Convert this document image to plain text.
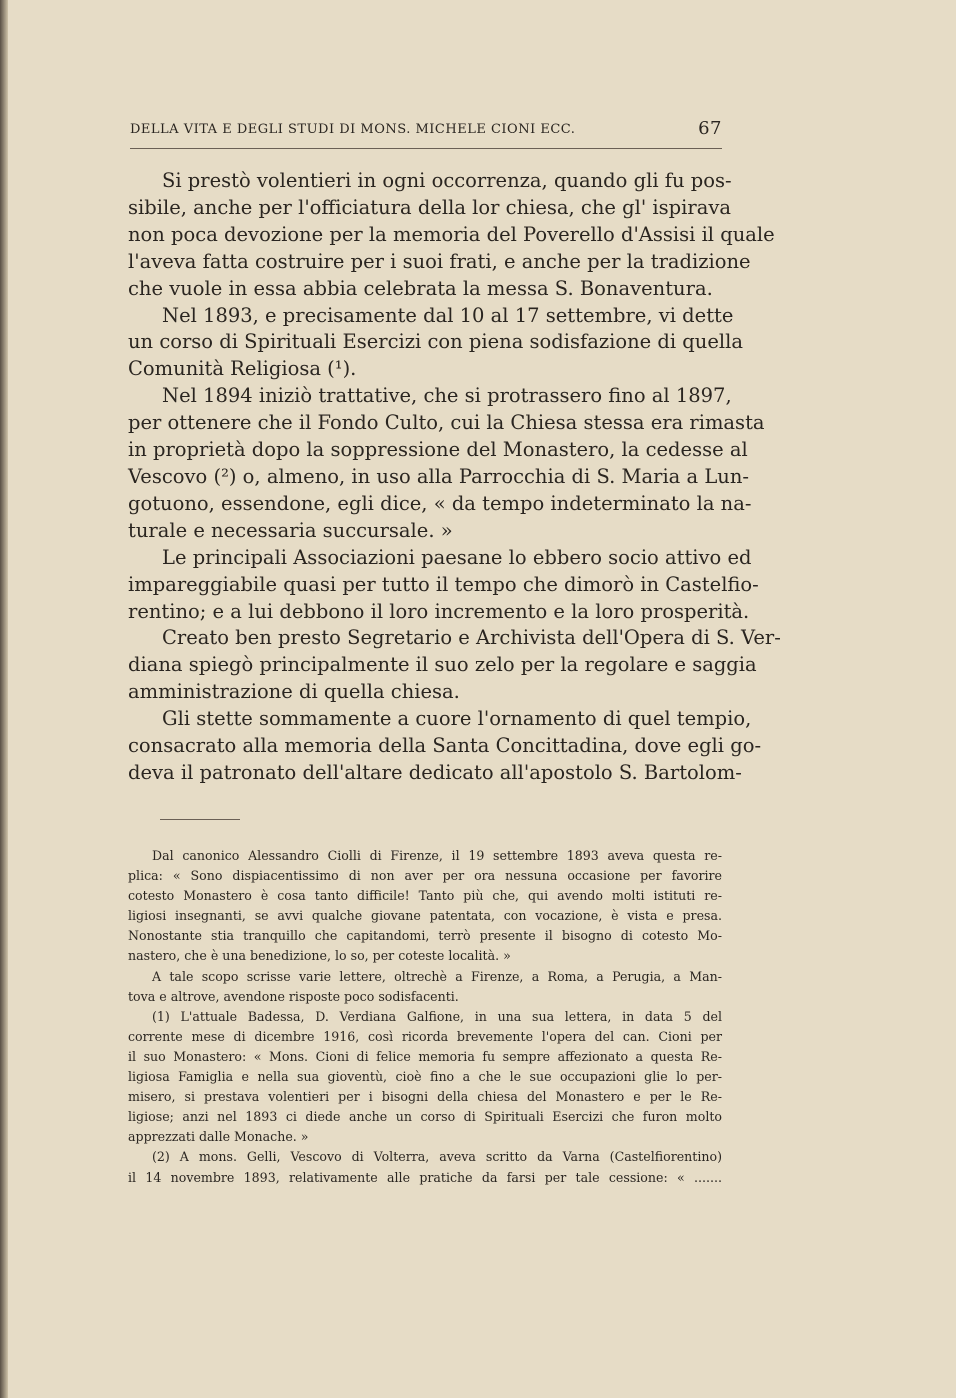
DELLA VITA E DEGLI STUDI DI MONS. MICHELE CIONI ECC.	67
Si prestò volentieri in ogni occorrenza, quando gli fu pos-
sibile, anche per l'officiatura della lor chiesa, che gl' ispirava
non poca devozione per la memoria del Poverello d'Assisi il quale
l'aveva fatta costruire per i suoi frati, e anche per la tradizione
che vuole in essa abbia celebrata la messa S. Bonaventura.
Nel 1893, e precisamente dal 10 al 17 settembre, vi dette
un corso di Spirituali Esercizi con piena sodisfazione di quella
Comunità Religiosa (¹).
Nel 1894 iniziò trattative, che si protrassero fino al 1897,
per ottenere che il Fondo Culto, cui la Chiesa stessa era rimasta
in proprietà dopo la soppressione del Monastero, la cedesse al
Vescovo (²) o, almeno, in uso alla Parrocchia di S. Maria a Lun-
gotuono, essendone, egli dice, « da tempo indeterminato la na-
turale e necessaria succursale. »
Le principali Associazioni paesane lo ebbero socio attivo ed
impareggiabile quasi per tutto il tempo che dimorò in Castelfio-
rentino; e a lui debbono il loro incremento e la loro prosperità.
Creato ben presto Segretario e Archivista dell'Opera di S. Ver-
diana spiegò principalmente il suo zelo per la regolare e saggia
amministrazione di quella chiesa.
Gli stette sommamente a cuore l'ornamento di quel tempio,
consacrato alla memoria della Santa Concittadina, dove egli go-
deva il patronato dell'altare dedicato all'apostolo S. Bartolom-
Dal canonico Alessandro Ciolli di Firenze, il 19 settembre 1893 aveva questa re-
plica: « Sono dispiacentissimo di non aver per ora nessuna occasione per favorire
cotesto Monastero è cosa tanto difficile! Tanto più che, qui avendo molti istituti re-
ligiosi insegnanti, se avvi qualche giovane patentata, con vocazione, è vista e presa.
Nonostante stia tranquillo che capitandomi, terrò presente il bisogno di cotesto Mo-
nastero, che è una benedizione, lo so, per coteste località. »
A tale scopo scrisse varie lettere, oltrechè a Firenze, a Roma, a Perugia, a Man-
tova e altrove, avendone risposte poco sodisfacenti.
(1) L'attuale Badessa, D. Verdiana Galfione, in una sua lettera, in data 5 del
corrente mese di dicembre 1916, così ricorda brevemente l'opera del can. Cioni per
il suo Monastero: « Mons. Cioni di felice memoria fu sempre affezionato a questa Re-
ligiosa Famiglia e nella sua gioventù, cioè fino a che le sue occupazioni glie lo per-
misero, si prestava volentieri per i bisogni della chiesa del Monastero e per le Re-
ligiose; anzi nel 1893 ci diede anche un corso di Spirituali Esercizi che furon molto
apprezzati dalle Monache. »
(2) A mons. Gelli, Vescovo di Volterra, aveva scritto da Varna (Castelfiorentino)
il 14 novembre 1893, relativamente alle pratiche da farsi per tale cessione: « .......
